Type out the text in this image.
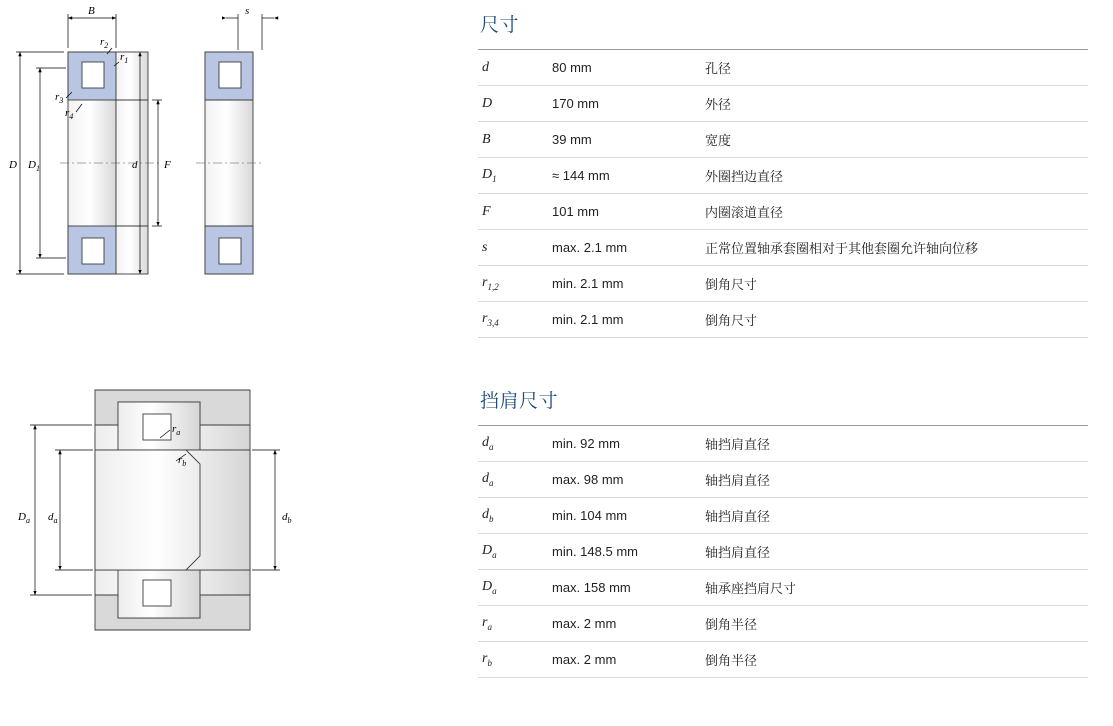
B
$r_2$
$r_1$
$r_3$
$r_4$
D $D_1$	d F
s
$r_a$
$r_b$
$D_a$ $d_a$	$d_b$
尺寸
d	80 mm	孔径
D	170 mm	外径
B	39 mm	宽度
$D_1$	≈ 144 mm	外圈挡边直径
F	101 mm	内圈滚道直径
s	max. 2.1 mm	正常位置轴承套圈相对于其他套圈允许轴向位移
$r_{1,2}$	min. 2.1 mm	倒角尺寸
$r_{3,4}$	min. 2.1 mm	倒角尺寸
挡肩尺寸
$d_a$	min. 92 mm	轴挡肩直径
$d_a$	max. 98 mm	轴挡肩直径
$d_b$	min. 104 mm	轴挡肩直径
$D_a$	min. 148.5 mm	轴挡肩直径
$D_a$	max. 158 mm	轴承座挡肩尺寸
$r_a$	max. 2 mm	倒角半径
$r_b$	max. 2 mm	倒角半径
